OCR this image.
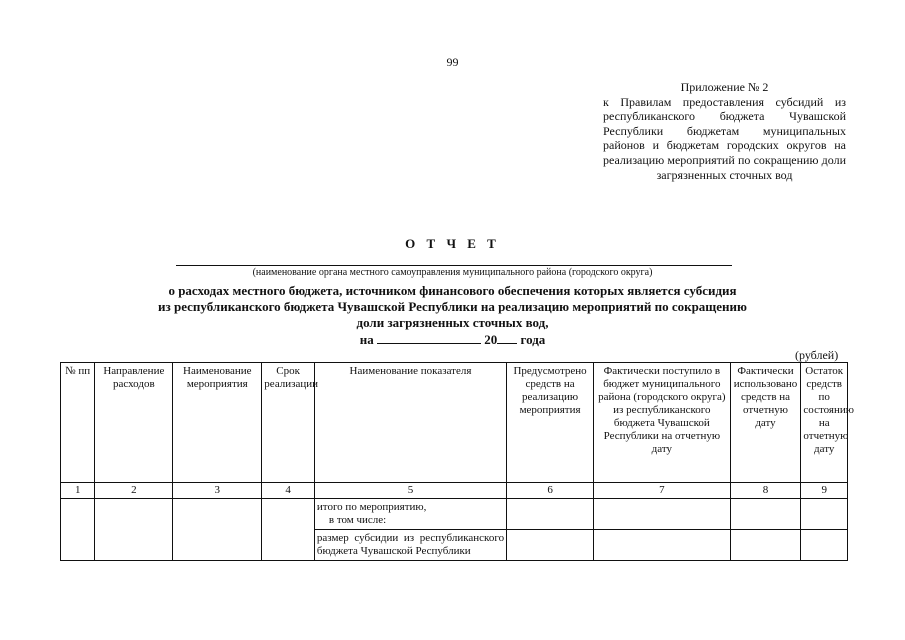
99
Приложение № 2
к Правилам предоставления субсидий из республиканского бюджета Чувашской Республики бюджетам муниципальных районов и бюджетам городских округов на реализацию мероприятий по сокращению доли загрязненных сточных вод
О Т Ч Е Т
(наименование органа местного самоуправления муниципального района (городского округа)
о расходах местного бюджета, источником финансового обеспечения которых является субсидия
из республиканского бюджета Чувашской Республики на реализацию мероприятий по сокращению
доли загрязненных сточных вод,
на	20 года
(рублей)
№ пп	Направление расходов	Наименование мероприятия	Срок реализации	Наименование показателя	Предусмотрено средств на реализацию мероприятия	Фактически поступило в бюджет муниципального района (городского округа) из республиканского бюджета Чувашской Республики на отчетную дату	Фактически использовано средств на отчетную дату	Остаток средств по состоянию на отчетную дату
1	2	3	4	5	6	7	8	9

				итого по мероприятию,
в том числе:				

				размер субсидии из республиканского бюджета Чувашской Республики				
